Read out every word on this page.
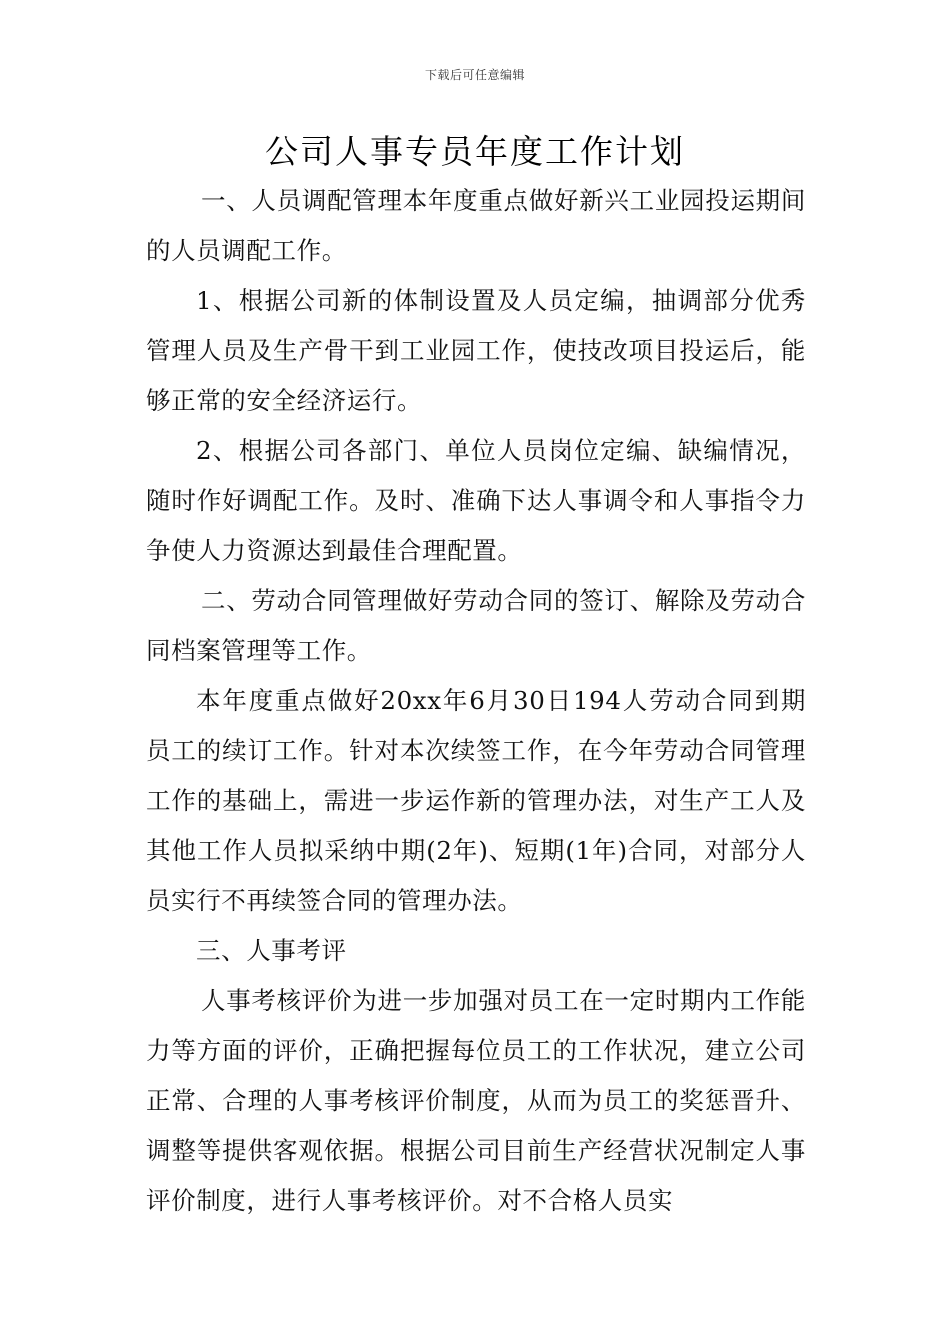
下载后可任意编辑
公司人事专员年度工作计划

一、人员调配管理本年度重点做好新兴工业园投运期间的人员调配工作。

1、根据公司新的体制设置及人员定编，抽调部分优秀管理人员及生产骨干到工业园工作，使技改项目投运后，能够正常的安全经济运行。

2、根据公司各部门、单位人员岗位定编、缺编情况，随时作好调配工作。及时、准确下达人事调令和人事指令力争使人力资源达到最佳合理配置。

二、劳动合同管理做好劳动合同的签订、解除及劳动合同档案管理等工作。

本年度重点做好20xx年6月30日194人劳动合同到期员工的续订工作。针对本次续签工作，在今年劳动合同管理工作的基础上，需进一步运作新的管理办法，对生产工人及其他工作人员拟采纳中期(2年)、短期(1年)合同，对部分人员实行不再续签合同的管理办法。

三、人事考评

人事考核评价为进一步加强对员工在一定时期内工作能力等方面的评价，正确把握每位员工的工作状况，建立公司正常、合理的人事考核评价制度，从而为员工的奖惩晋升、调整等提供客观依据。根据公司目前生产经营状况制定人事评价制度，进行人事考核评价。对不合格人员实
